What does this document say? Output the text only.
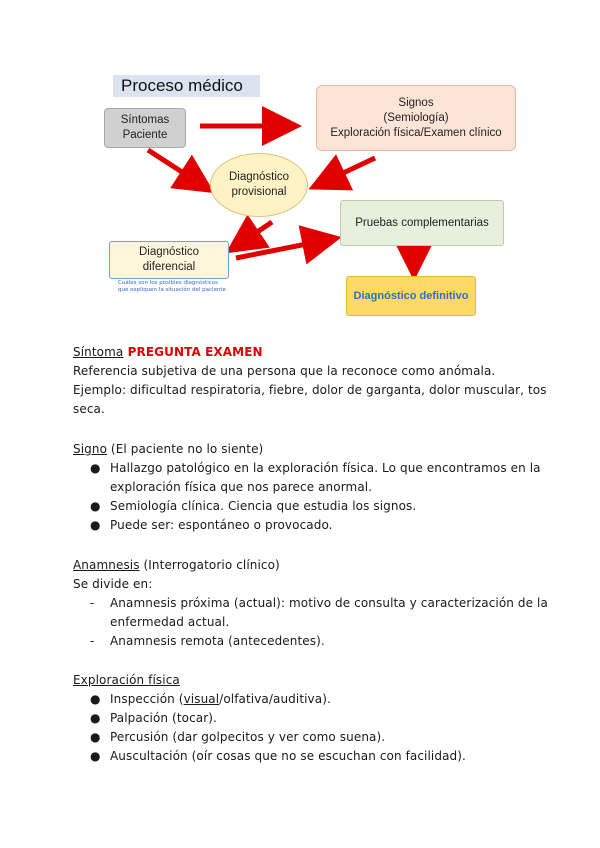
Proceso médico
Síntomas
Paciente
Signos
(Semiología)
Exploración física/Examen clínico
Diagnóstico
provisional
Pruebas complementarias
Diagnóstico
diferencial
Cuáles son los posibles diagnósticos
que expliquen la situación del paciente	Diagnóstico definitivo
Síntoma PREGUNTA EXAMEN
Referencia subjetiva de una persona que la reconoce como anómala.
Ejemplo: dificultad respiratoria, fiebre, dolor de garganta, dolor muscular, tos
seca.
Signo (El paciente no lo siente)
● Hallazgo patológico en la exploración física. Lo que encontramos en la
exploración física que nos parece anormal.
● Semiología clínica. Ciencia que estudia los signos.
● Puede ser: espontáneo o provocado.
Anamnesis (Interrogatorio clínico)
Se divide en:
- Anamnesis próxima (actual): motivo de consulta y caracterización de la
enfermedad actual.
- Anamnesis remota (antecedentes).
Exploración física
● Inspección (visual/olfativa/auditiva).
● Palpación (tocar).
● Percusión (dar golpecitos y ver como suena).
● Auscultación (oír cosas que no se escuchan con facilidad).
